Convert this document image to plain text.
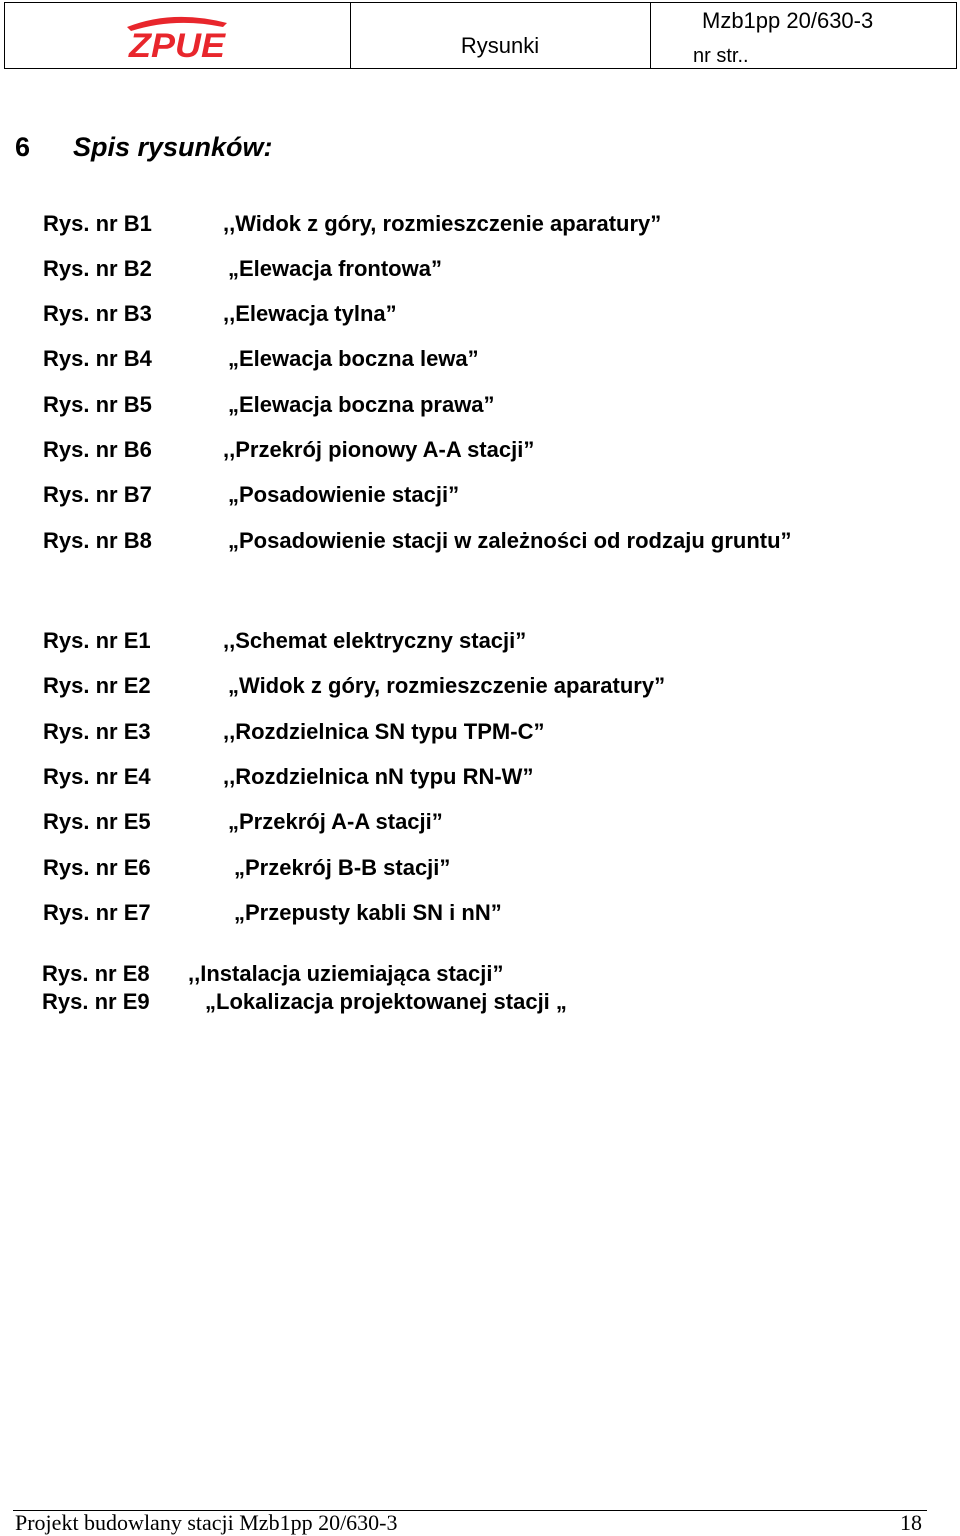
ZPUE	Rysunki
Mzb1pp 20/630-3
nr str..
6 Spis rysunków:
Rys. nr B1	,,Widok z góry, rozmieszczenie aparatury”
Rys. nr B2	„Elewacja frontowa”
Rys. nr B3	,,Elewacja tylna”
Rys. nr B4	„Elewacja boczna lewa”
Rys. nr B5	„Elewacja boczna prawa”
Rys. nr B6	,,Przekrój pionowy A-A stacji”
Rys. nr B7	„Posadowienie stacji”
Rys. nr B8	„Posadowienie stacji w zależności od rodzaju gruntu”
Rys. nr E1	,,Schemat elektryczny stacji”
Rys. nr E2	„Widok z góry, rozmieszczenie aparatury”
Rys. nr E3	,,Rozdzielnica SN typu TPM-C”
Rys. nr E4	,,Rozdzielnica nN typu RN-W”
Rys. nr E5	„Przekrój A-A stacji”
Rys. nr E6	„Przekrój B-B stacji”
Rys. nr E7	„Przepusty kabli SN i nN”
Rys. nr E8 ,,Instalacja uziemiająca stacji”
Rys. nr E9	„Lokalizacja projektowanej stacji „
Projekt budowlany stacji Mzb1pp 20/630-3	18
